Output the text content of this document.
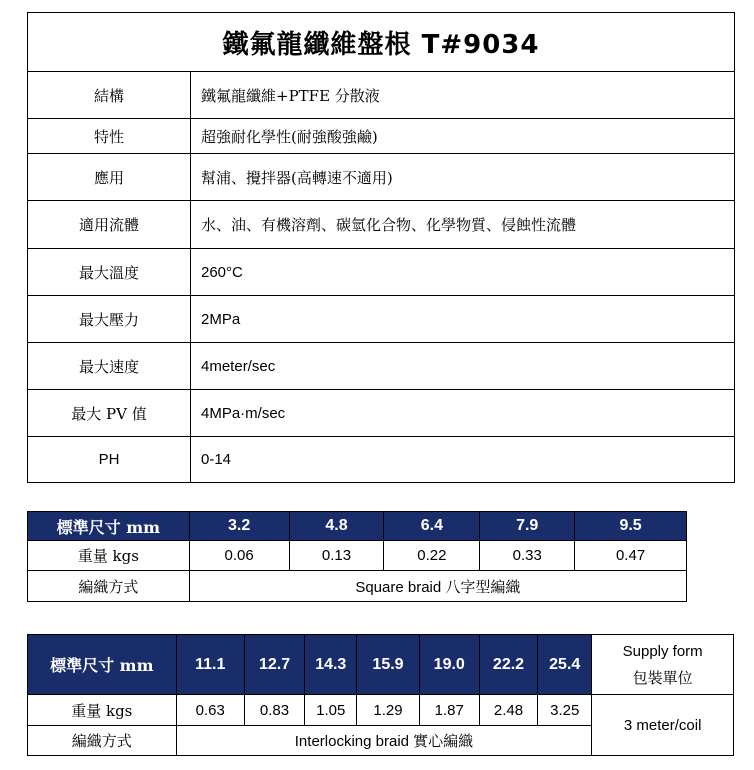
鐵氟龍纖維盤根 T#9034	
結構	鐵氟龍纖維+PTFE 分散液
特性	超強耐化學性(耐強酸強鹼)
應用	幫浦、攪拌器(高轉速不適用)
適用流體	水、油、有機溶劑、碳氫化合物、化學物質、侵蝕性流體
最大溫度	260°C
最大壓力	2MPa
最大速度	4meter/sec
最大 PV 值	4MPa·m/sec
PH	0-14
標準尺寸 mm	3.2	4.8	6.4	7.9	9.5
重量 kgs	0.06	0.13	0.22	0.33	0.47
編織方式	Square braid 八字型編織				
標準尺寸 mm	11.1	12.7	14.3	15.9	19.0	22.2	25.4	Supply form
包裝單位

重量 kgs	0.63	0.83	1.05	1.29	1.87	2.48	3.25	3 meter/coil
編織方式	Interlocking braid 實心編織							
